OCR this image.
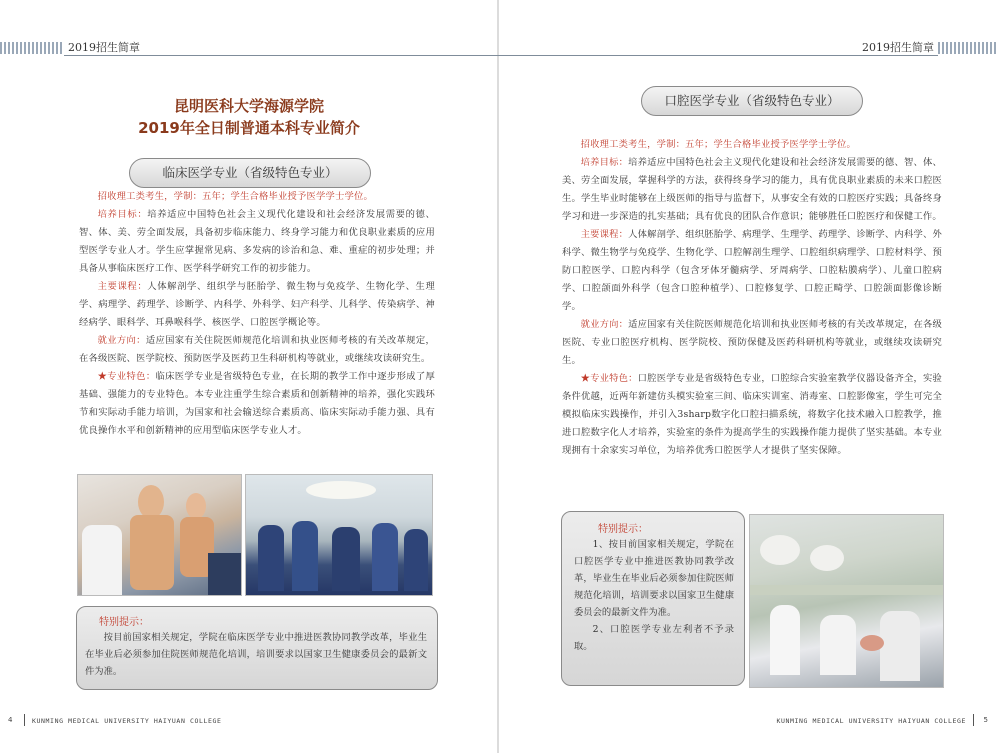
2019招生简章
昆明医科大学海源学院
2019年全日制普通本科专业简介
临床医学专业（省级特色专业）
招收理工类考生，学制：五年；学生合格毕业授予医学学士学位。
培养目标：培养适应中国特色社会主义现代化建设和社会经济发展需要的德、智、体、美、劳全面发展，具备初步临床能力、终身学习能力和优良职业素质的应用型医学专业人才。学生应掌握常见病、多发病的诊治和急、难、重症的初步处理；并具备从事临床医疗工作、医学科学研究工作的初步能力。
主要课程：人体解剖学、组织学与胚胎学、微生物与免疫学、生物化学、生理学、病理学、药理学、诊断学、内科学、外科学、妇产科学、儿科学、传染病学、神经病学、眼科学、耳鼻喉科学、核医学、口腔医学概论等。
就业方向：适应国家有关住院医师规范化培训和执业医师考核的有关改革规定，在各级医院、医学院校、预防医学及医药卫生科研机构等就业，或继续攻读研究生。
★专业特色：临床医学专业是省级特色专业，在长期的教学工作中逐步形成了厚基础、强能力的专业特色。本专业注重学生综合素质和创新精神的培养，强化实践环节和实际动手能力培训，为国家和社会输送综合素质高、临床实际动手能力强、具有优良操作水平和创新精神的应用型临床医学专业人才。
特别提示：
按目前国家相关规定，学院在临床医学专业中推进医教协同教学改革，毕业生在毕业后必须参加住院医师规范化培训，培训要求以国家卫生健康委员会的最新文件为准。
4	KUNMING MEDICAL UNIVERSITY HAIYUAN COLLEGE
2019招生简章
口腔医学专业（省级特色专业）
招收理工类考生，学制：五年；学生合格毕业授予医学学士学位。
培养目标：培养适应中国特色社会主义现代化建设和社会经济发展需要的德、智、体、美、劳全面发展，掌握科学的方法，获得终身学习的能力，具有优良职业素质的未来口腔医生。学生毕业时能够在上级医师的指导与监督下，从事安全有效的口腔医疗实践；具备终身学习和进一步深造的扎实基础；具有优良的团队合作意识；能够胜任口腔医疗和保健工作。
主要课程：人体解剖学、组织胚胎学、病理学、生理学、药理学、诊断学、内科学、外科学、微生物学与免疫学、生物化学、口腔解剖生理学、口腔组织病理学、口腔材料学、预防口腔医学、口腔内科学（包含牙体牙髓病学、牙周病学、口腔粘膜病学）、儿童口腔病学、口腔颌面外科学（包含口腔种植学）、口腔修复学、口腔正畸学、口腔颌面影像诊断学。
就业方向：适应国家有关住院医师规范化培训和执业医师考核的有关改革规定，在各级医院、专业口腔医疗机构、医学院校、预防保健及医药科研机构等就业，或继续攻读研究生。
★专业特色：口腔医学专业是省级特色专业，口腔综合实验室教学仪器设备齐全，实验条件优越，近两年新建仿头模实验室三间、临床实训室、消毒室、口腔影像室，学生可完全模拟临床实践操作，并引入3sharp数字化口腔扫描系统，将数字化技术融入口腔教学，推进口腔数字化人才培养，实验室的条件为提高学生的实践操作能力提供了坚实基础。本专业现拥有十余家实习单位，为培养优秀口腔医学人才提供了坚实保障。
特别提示：
1、按目前国家相关规定，学院在口腔医学专业中推进医教协同教学改革，毕业生在毕业后必须参加住院医师规范化培训，培训要求以国家卫生健康委员会的最新文件为准。
2、口腔医学专业左利者不予录取。
KUNMING MEDICAL UNIVERSITY HAIYUAN COLLEGE	5
